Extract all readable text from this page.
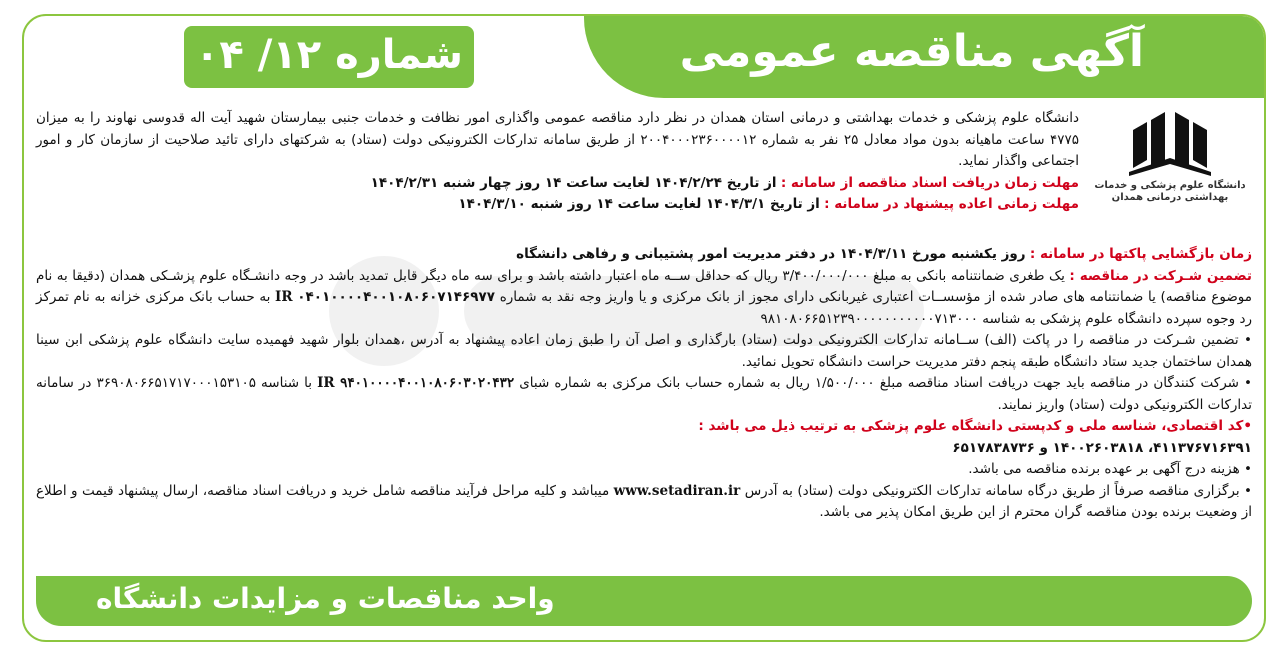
شماره ۱۲/ ۰۴	آگهی مناقصه عمومی
دانشگاه علوم پزشکی و خدمات بهداشتی درمانی همدان

دانشگاه علوم پزشکی و خدمات بهداشتی و درمانی استان همدان در نظر دارد مناقصه عمومی واگذاری امور نظافت و خدمات جنبی بیمارستان شهید آیت اله قدوسی نهاوند را به میزان ۴۷۷۵ ساعت ماهیانه بدون مواد معادل ۲۵ نفر به شماره ۲۰۰۴۰۰۰۲۳۶۰۰۰۰۱۲ از طریق سامانه تدارکات الکترونیکی دولت (ستاد) به شرکتهای دارای تائید صلاحیت از سازمان کار و امور اجتماعی واگذار نماید.

مهلت زمان دریافت اسناد مناقصه از سامانه : از تاریخ ۱۴۰۴/۲/۲۴ لغایت ساعت ۱۴ روز چهار شنبه ۱۴۰۴/۲/۳۱

مهلت زمانی اعاده پیشنهاد در سامانه : از تاریخ ۱۴۰۴/۳/۱ لغایت ساعت ۱۴ روز شنبه ۱۴۰۴/۳/۱۰

زمان بازگشایی پاکتها در سامانه : روز یکشنبه مورخ ۱۴۰۴/۳/۱۱ در دفتر مدیریت امور پشتیبانی و رفاهی دانشگاه

تضمین شـرکت در مناقصه : یک طغری ضمانتنامه بانکی به مبلغ ۳/۴۰۰/۰۰۰/۰۰۰ ریال که حداقل ســه ماه اعتبار داشته باشد و برای سه ماه دیگر قابل تمدید باشد در وجه دانشـگاه علوم پزشـکی همدان (دقیقا به نام موضوع مناقصه) یا ضمانتنامه های صادر شده از مؤسســات اعتباری غیربانکی دارای مجوز از بانک مرکزی و یا واریز وجه نقد به شماره IR ۰۴۰۱۰۰۰۰۴۰۰۱۰۸۰۶۰۷۱۴۶۹۷۷ به حساب بانک مرکزی خزانه به نام تمرکز رد وجوه سپرده دانشگاه علوم پزشکی به شناسه ۹۸۱۰۸۰۶۶۵۱۲۳۹۰۰۰۰۰۰۰۰۰۰۰۷۱۳۰۰۰

• تضمین شـرکت در مناقصه را در پاکت (الف) ســامانه تدارکات الکترونیکی دولت (ستاد) بارگذاری و اصل آن را طبق زمان اعاده پیشنهاد به آدرس ،همدان بلوار شهید فهمیده سایت دانشگاه علوم پزشکی ابن سینا همدان ساختمان جدید ستاد دانشگاه طبقه پنجم دفتر مدیریت حراست دانشگاه تحویل نمائید.

• شرکت کنندگان در مناقصه باید جهت دریافت اسناد مناقصه مبلغ ۱/۵۰۰/۰۰۰ ریال به شماره حساب بانک مرکزی به شماره شبای IR ۹۴۰۱۰۰۰۰۴۰۰۱۰۸۰۶۰۳۰۲۰۴۳۲ با شناسه ۳۶۹۰۸۰۶۶۵۱۷۱۷۰۰۰۱۵۳۱۰۵ در سامانه تدارکات الکترونیکی دولت (ستاد) واریز نمایند.

•کد اقتصادی، شناسه ملی و کدپستی دانشگاه علوم پزشکی به ترتیب ذیل می باشد :

۴۱۱۳۷۶۷۱۶۳۹۱، ۱۴۰۰۲۶۰۳۸۱۸ و ۶۵۱۷۸۳۸۷۳۶

• هزینه درج آگهی بر عهده برنده مناقصه می باشد.

• برگزاری مناقصه صرفاً از طریق درگاه سامانه تدارکات الکترونیکی دولت (ستاد) به آدرس www.setadiran.ir میباشد و کلیه مراحل فرآیند مناقصه شامل خرید و دریافت اسناد مناقصه، ارسال پیشنهاد قیمت و اطلاع از وضعیت برنده بودن مناقصه گران محترم از این طریق امکان پذیر می باشد.

واحد مناقصات و مزایدات دانشگاه
